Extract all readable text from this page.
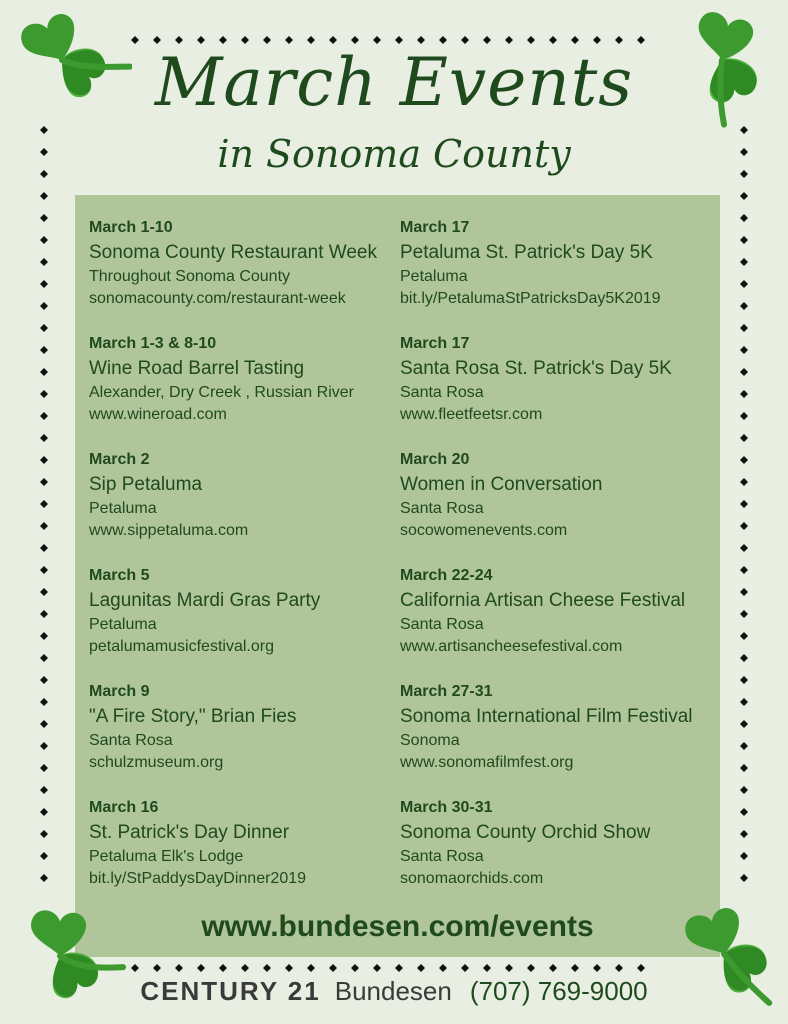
March Events
in Sonoma County
March 1-10
Sonoma County Restaurant Week
Throughout Sonoma County
sonomacounty.com/restaurant-week
March 1-3 & 8-10
Wine Road Barrel Tasting
Alexander, Dry Creek , Russian River
www.wineroad.com
March 2
Sip Petaluma
Petaluma
www.sippetaluma.com
March 5
Lagunitas Mardi Gras Party
Petaluma
petalumamusicfestival.org
March 9
"A Fire Story," Brian Fies
Santa Rosa
schulzmuseum.org
March 16
St. Patrick's Day Dinner
Petaluma Elk's Lodge
bit.ly/StPaddysDayDinner2019
March 17
Petaluma St. Patrick's Day 5K
Petaluma
bit.ly/PetalumaStPatricksDay5K2019
March 17
Santa Rosa St. Patrick's Day 5K
Santa Rosa
www.fleetfeetsr.com
March 20
Women in Conversation
Santa Rosa
socowomenevents.com
March 22-24
California Artisan Cheese Festival
Santa Rosa
www.artisancheesefestival.com
March 27-31
Sonoma International Film Festival
Sonoma
www.sonomafilmfest.org
March 30-31
Sonoma County Orchid Show
Santa Rosa
sonomaorchids.com
www.bundesen.com/events
CENTURY 21 Bundesen (707) 769-9000
